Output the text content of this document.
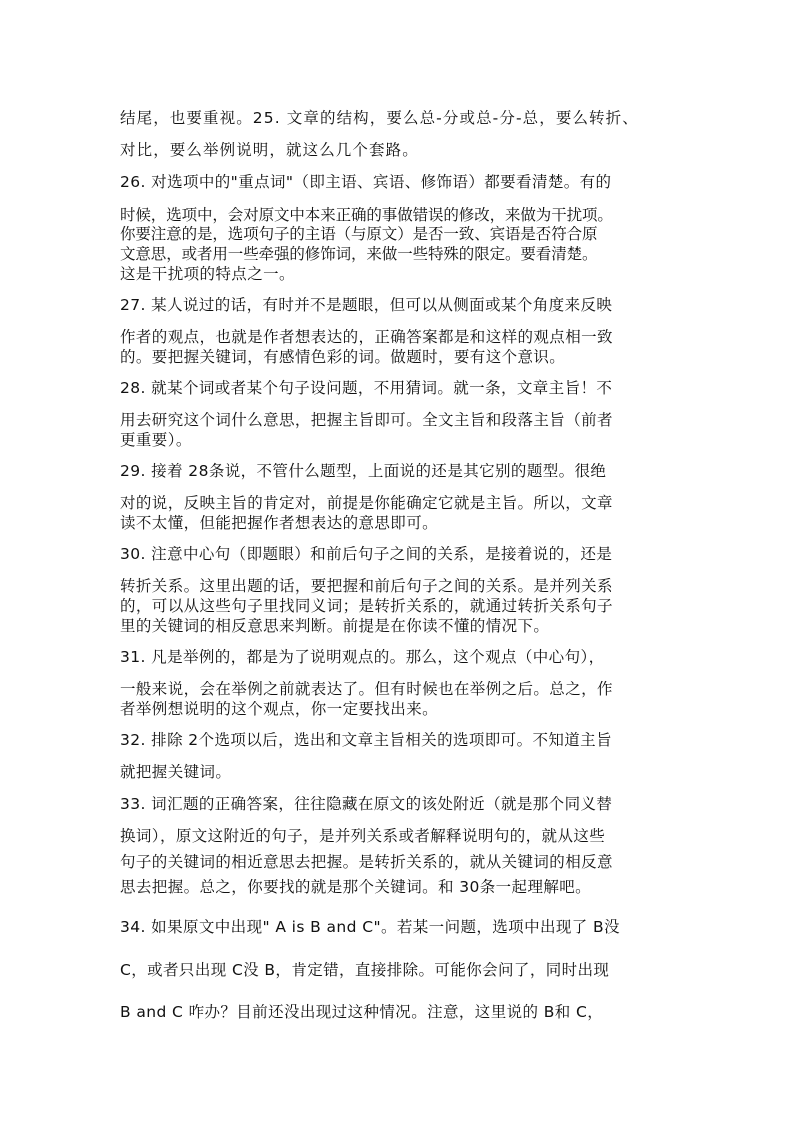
结尾，也要重视。25. 文章的结构，要么总-分或总-分-总，要么转折、
对比，要么举例说明，就这么几个套路。
26. 对选项中的"重点词"（即主语、宾语、修饰语）都要看清楚。有的
时候，选项中，会对原文中本来正确的事做错误的修改，来做为干扰项。
你要注意的是，选项句子的主语（与原文）是否一致、宾语是否符合原
文意思，或者用一些牵强的修饰词，来做一些特殊的限定。要看清楚。
这是干扰项的特点之一。
27. 某人说过的话，有时并不是题眼，但可以从侧面或某个角度来反映
作者的观点，也就是作者想表达的，正确答案都是和这样的观点相一致
的。要把握关键词，有感情色彩的词。做题时，要有这个意识。
28. 就某个词或者某个句子设问题，不用猜词。就一条，文章主旨！不
用去研究这个词什么意思，把握主旨即可。全文主旨和段落主旨（前者
更重要）。
29. 接着 28条说，不管什么题型，上面说的还是其它别的题型。很绝
对的说，反映主旨的肯定对，前提是你能确定它就是主旨。所以，文章
读不太懂，但能把握作者想表达的意思即可。
30. 注意中心句（即题眼）和前后句子之间的关系，是接着说的，还是
转折关系。这里出题的话，要把握和前后句子之间的关系。是并列关系
的，可以从这些句子里找同义词；是转折关系的，就通过转折关系句子
里的关键词的相反意思来判断。前提是在你读不懂的情况下。
31. 凡是举例的，都是为了说明观点的。那么，这个观点（中心句），
一般来说，会在举例之前就表达了。但有时候也在举例之后。总之，作
者举例想说明的这个观点，你一定要找出来。
32. 排除 2个选项以后，选出和文章主旨相关的选项即可。不知道主旨
就把握关键词。
33. 词汇题的正确答案，往往隐藏在原文的该处附近（就是那个同义替
换词），原文这附近的句子，是并列关系或者解释说明句的，就从这些
句子的关键词的相近意思去把握。是转折关系的，就从关键词的相反意
思去把握。总之，你要找的就是那个关键词。和 30条一起理解吧。
34. 如果原文中出现" A is B and C"。若某一问题，选项中出现了 B没
C，或者只出现 C没 B，肯定错，直接排除。可能你会问了，同时出现
B and C 咋办？目前还没出现过这种情况。注意，这里说的 B和 C，
